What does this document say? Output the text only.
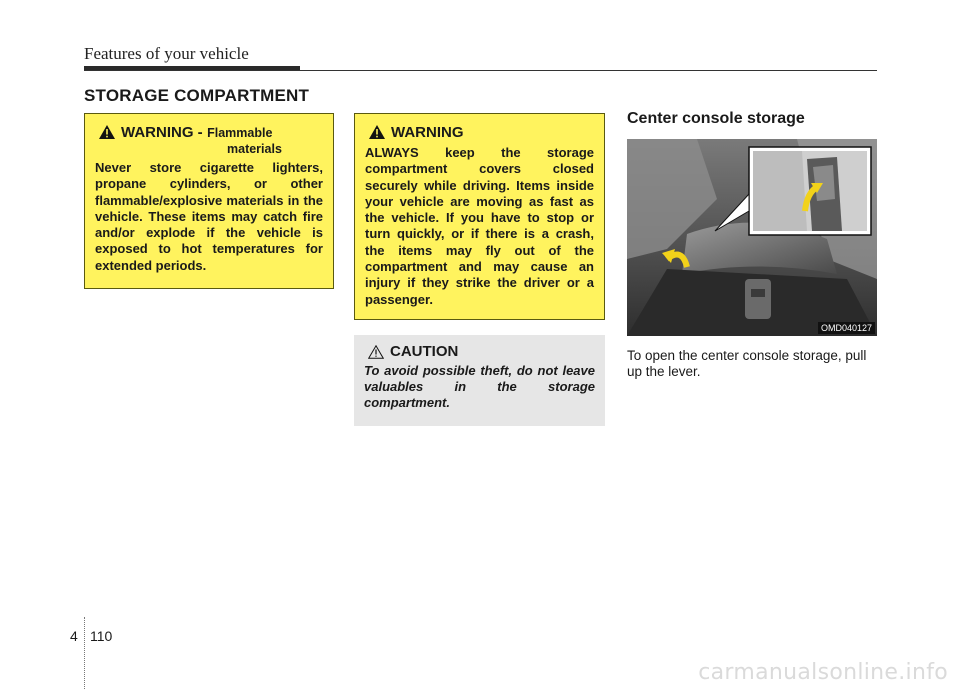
Features of your vehicle
STORAGE COMPARTMENT
WARNING - Flammable
materials
Never store cigarette lighters, propane cylinders, or other flammable/explosive materials in the vehicle. These items may catch fire and/or explode if the vehicle is exposed to hot temperatures for extended periods.
WARNING
ALWAYS keep the storage compartment covers closed securely while driving. Items inside your vehicle are moving as fast as the vehicle. If you have to stop or turn quickly, or if there is a crash, the items may fly out of the compartment and may cause an injury if they strike the driver or a passenger.
CAUTION
To avoid possible theft, do not leave valuables in the storage compartment.
Center console storage
OMD040127
To open the center console storage, pull up the lever.
4 110
carmanualsonline.info
